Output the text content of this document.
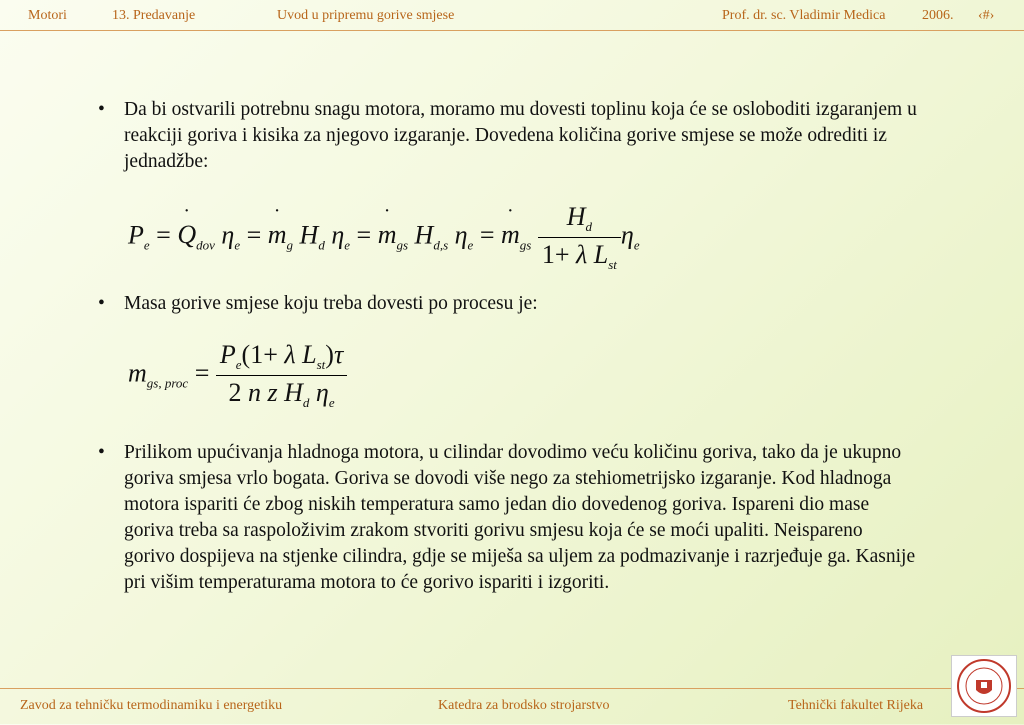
Motori	13. Predavanje	Uvod u pripremu gorive smjese	Prof. dr. sc. Vladimir Medica	2006. ‹#›
• Da bi ostvarili potrebnu snagu motora, moramo mu dovesti toplinu koja će se osloboditi izgaranjem u reakciji goriva i kisika za njegovo izgaranje. Dovedena količina gorive smjese se može odrediti iz jednadžbe:
$P_e$ = ˙ $Q_{dov}$ $\eta_e$ = ˙ $m_g$ $H_d$ $\eta_e$ = ˙ $m_{gs}$ $H_{d,s}$ $\eta_e$ = ˙ $m_{gs} \frac{H_d}{1+ \lambda L_{st}} \eta_e$
• Masa gorive smjese koju treba dovesti po procesu je:
$m_{gs, proc} = \frac{P_e(1+ \lambda L_{st})\tau}{2 n z H_d \eta_e}$
• Prilikom upućivanja hladnoga motora, u cilindar dovodimo veću količinu goriva, tako da je ukupno goriva smjesa vrlo bogata. Goriva se dovodi više nego za stehiometrijsko izgaranje. Kod hladnoga motora ispariti će zbog niskih temperatura samo jedan dio dovedenog goriva. Ispareni dio mase goriva treba sa raspoloživim zrakom stvoriti gorivu smjesu koja će se moći upaliti. Neispareno gorivo dospijeva na stjenke cilindra, gdje se miješa sa uljem za podmazivanje i razrjeđuje ga. Kasnije pri višim temperaturama motora to će gorivo ispariti i izgoriti.
Zavod za tehničku termodinamiku i energetiku	Katedra za brodsko strojarstvo	Tehnički fakultet Rijeka
